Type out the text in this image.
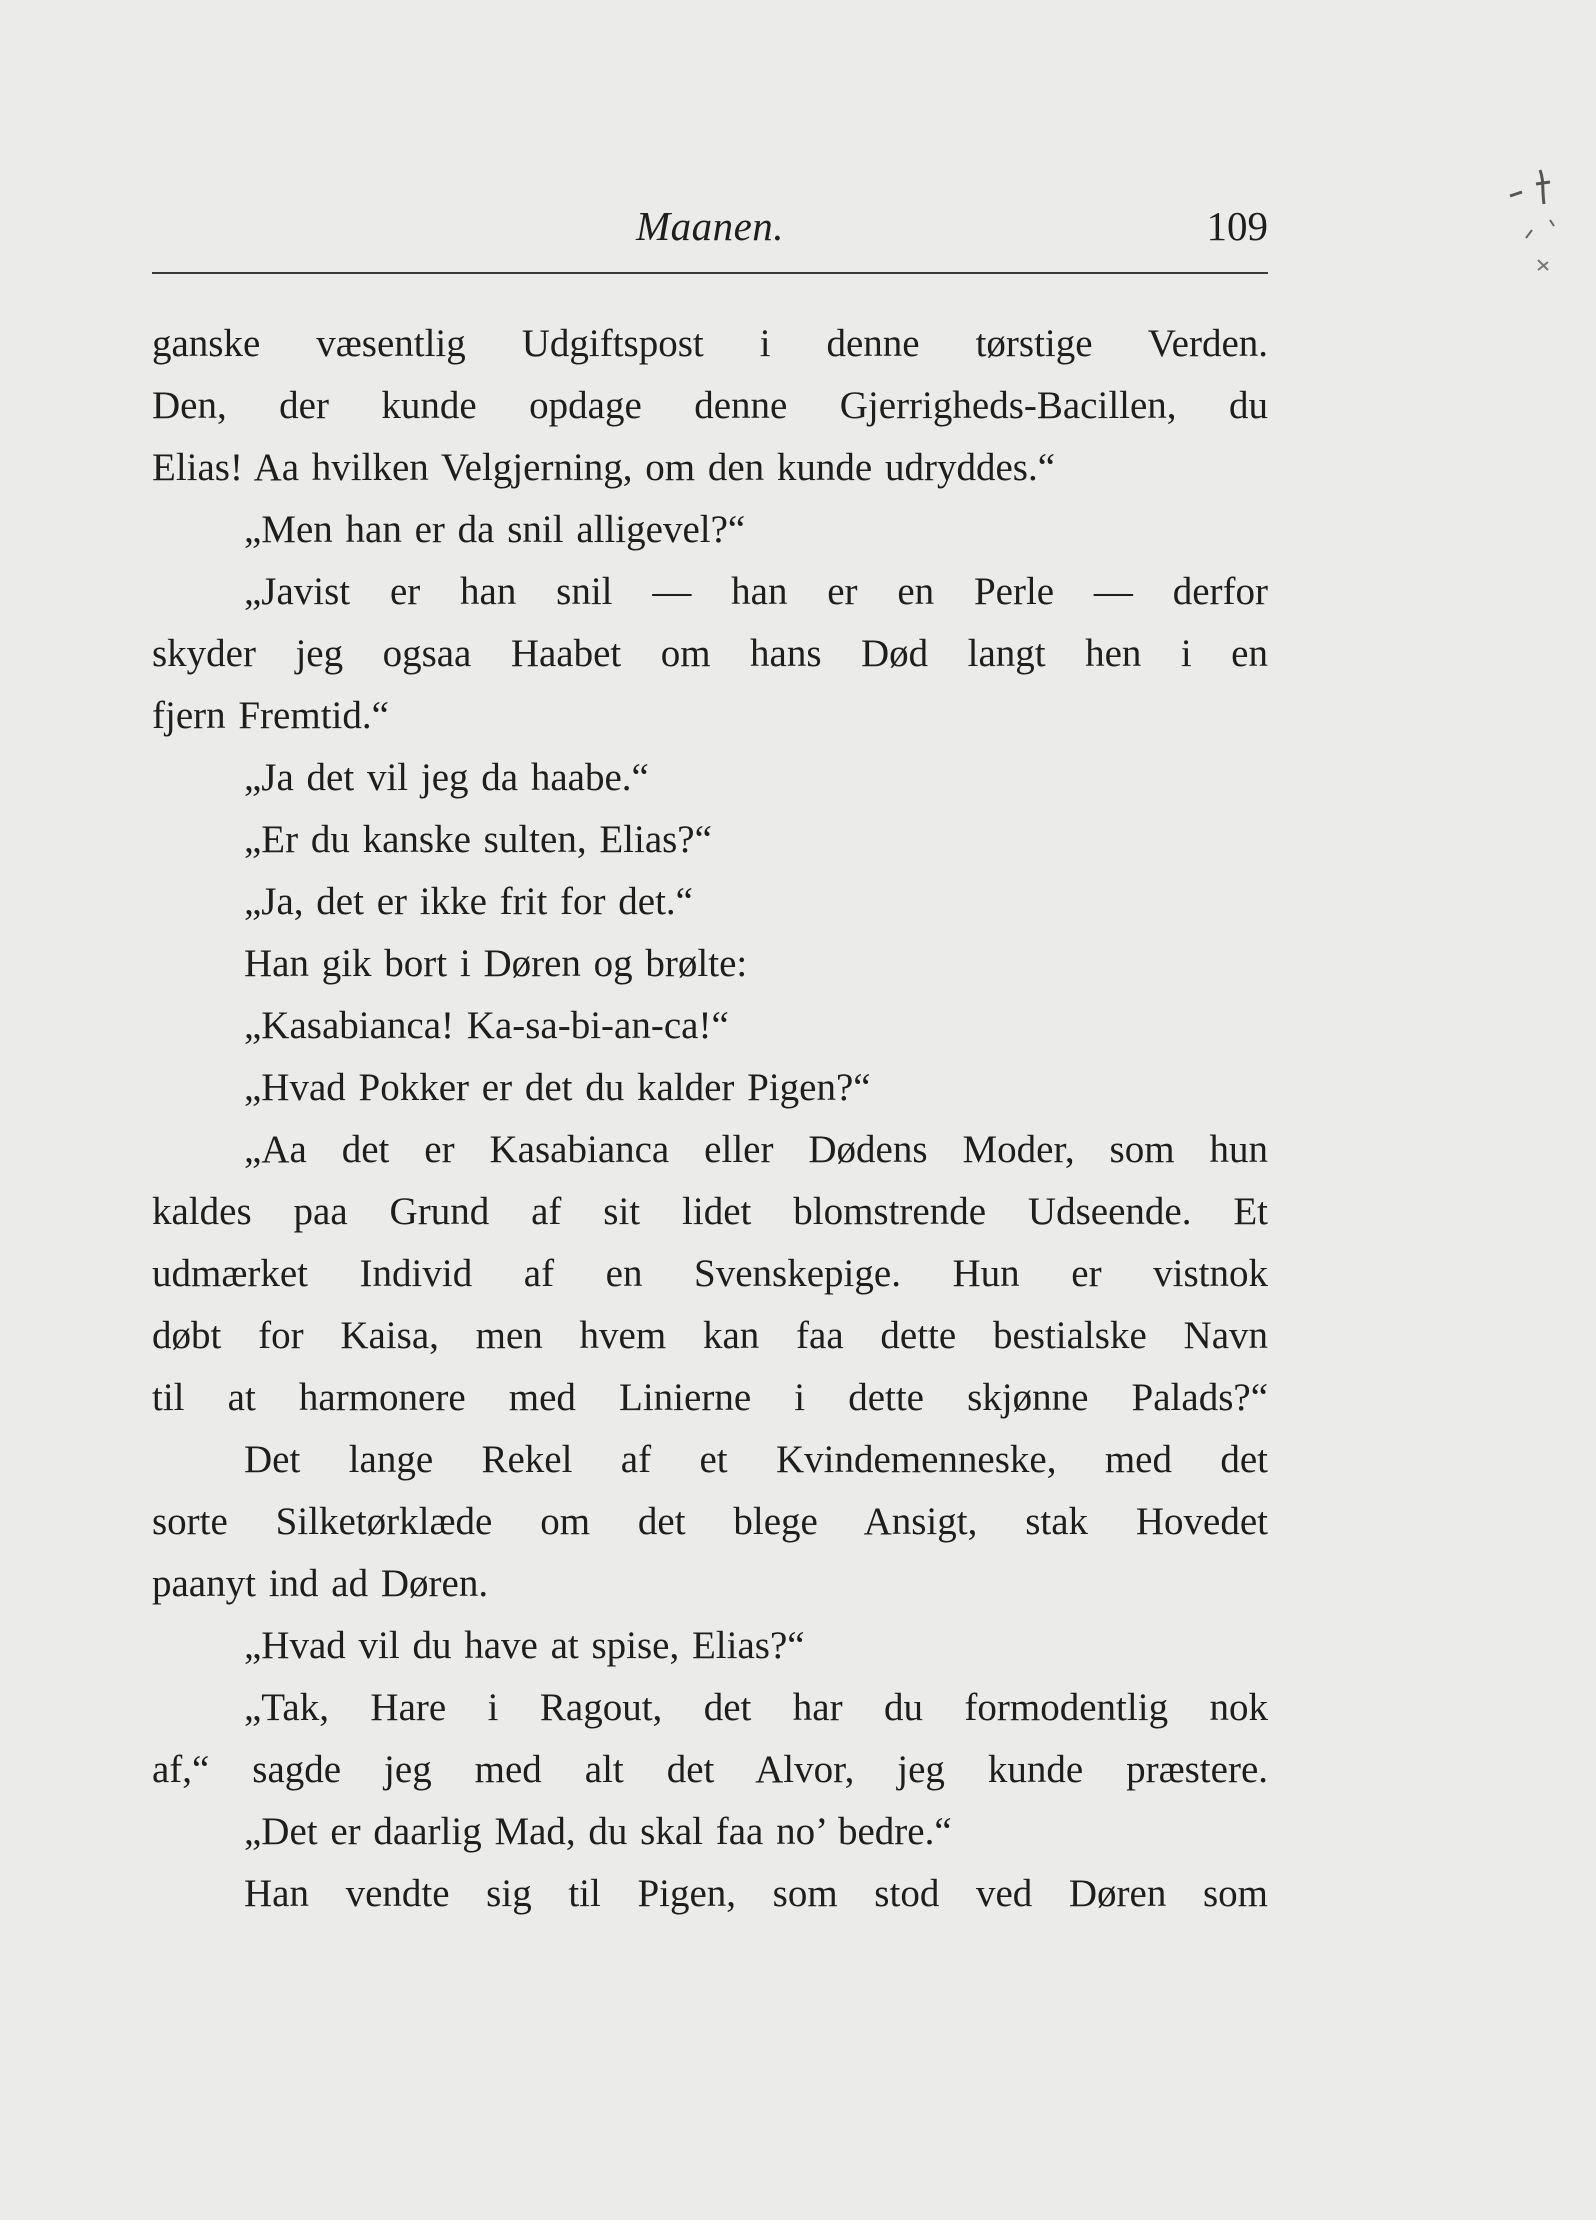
Maanen.	109
ganske væsentlig Udgiftspost i denne tørstige Verden.
Den, der kunde opdage denne Gjerrigheds-Bacillen, du
Elias! Aa hvilken Velgjerning, om den kunde udryddes.“
„Men han er da snil alligevel?“
„Javist er han snil — han er en Perle — derfor
skyder jeg ogsaa Haabet om hans Død langt hen i en
fjern Fremtid.“
„Ja det vil jeg da haabe.“
„Er du kanske sulten, Elias?“
„Ja, det er ikke frit for det.“
Han gik bort i Døren og brølte:
„Kasabianca! Ka-sa-bi-an-ca!“
„Hvad Pokker er det du kalder Pigen?“
„Aa det er Kasabianca eller Dødens Moder, som hun
kaldes paa Grund af sit lidet blomstrende Udseende. Et
udmærket Individ af en Svenskepige. Hun er vistnok
døbt for Kaisa, men hvem kan faa dette bestialske Navn
til at harmonere med Linierne i dette skjønne Palads?“
Det lange Rekel af et Kvindemenneske, med det
sorte Silketørklæde om det blege Ansigt, stak Hovedet
paanyt ind ad Døren.
„Hvad vil du have at spise, Elias?“
„Tak, Hare i Ragout, det har du formodentlig nok
af,“ sagde jeg med alt det Alvor, jeg kunde præstere.
„Det er daarlig Mad, du skal faa no’ bedre.“
Han vendte sig til Pigen, som stod ved Døren som
